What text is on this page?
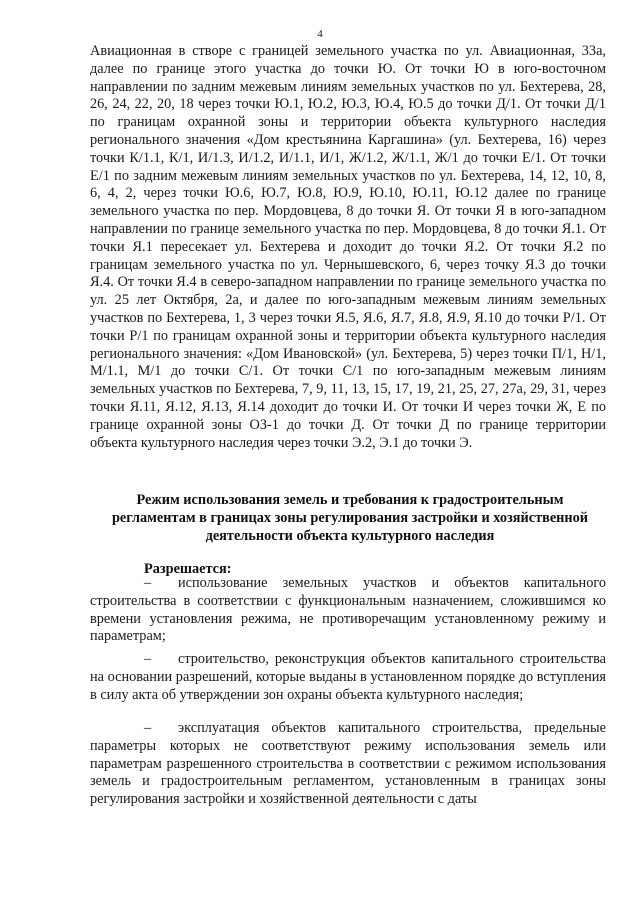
4

Авиационная в створе с границей земельного участка по ул. Авиационная, 33а, далее по границе этого участка до точки Ю. От точки Ю в юго-восточном направлении по задним межевым линиям земельных участков по ул. Бехтерева, 28, 26, 24, 22, 20, 18 через точки Ю.1, Ю.2, Ю.3, Ю.4, Ю.5 до точки Д/1. От точки Д/1 по границам охранной зоны и территории объекта культурного наследия регионального значения «Дом крестьянина Каргашина» (ул. Бехтерева, 16) через точки К/1.1, К/1, И/1.3, И/1.2, И/1.1, И/1, Ж/1.2, Ж/1.1, Ж/1 до точки Е/1. От точки Е/1 по задним межевым линиям земельных участков по ул. Бехтерева, 14, 12, 10, 8, 6, 4, 2, через точки Ю.6, Ю.7, Ю.8, Ю.9, Ю.10, Ю.11, Ю.12 далее по границе земельного участка по пер. Мордовцева, 8 до точки Я. От точки Я в юго-западном направлении по границе земельного участка по пер. Мордовцева, 8 до точки Я.1. От точки Я.1 пересекает ул. Бехтерева и доходит до точки Я.2. От точки Я.2 по границам земельного участка по ул. Чернышевского, 6, через точку Я.3 до точки Я.4. От точки Я.4 в северо-западном направлении по границе земельного участка по ул. 25 лет Октября, 2а, и далее по юго-западным межевым линиям земельных участков по Бехтерева, 1, 3 через точки Я.5, Я.6, Я.7, Я.8, Я.9, Я.10 до точки Р/1. От точки Р/1 по границам охранной зоны и территории объекта культурного наследия регионального значения: «Дом Ивановской» (ул. Бехтерева, 5) через точки П/1, Н/1, М/1.1, М/1 до точки С/1. От точки С/1 по юго-западным межевым линиям земельных участков по Бехтерева, 7, 9, 11, 13, 15, 17, 19, 21, 25, 27, 27а, 29, 31, через точки Я.11, Я.12, Я.13, Я.14 доходит до точки И. От точки И через точки Ж, Е по границе охранной зоны ОЗ-1 до точки Д. От точки Д по границе территории объекта культурного наследия через точки Э.2, Э.1 до точки Э.

Режим использования земель и требования к градостроительным
регламентам в границах зоны регулирования застройки и хозяйственной
деятельности объекта культурного наследия
Разрешается:

– использование земельных участков и объектов капитального строительства в соответствии с функциональным назначением, сложившимся ко времени установления режима, не противоречащим установленному режиму и параметрам;

– строительство, реконструкция объектов капитального строительства на основании разрешений, которые выданы в установленном порядке до вступления в силу акта об утверждении зон охраны объекта культурного наследия;

– эксплуатация объектов капитального строительства, предельные параметры которых не соответствуют режиму использования земель или параметрам разрешенного строительства в соответствии с режимом использования земель и градостроительным регламентом, установленным в границах зоны регулирования застройки и хозяйственной деятельности с даты
